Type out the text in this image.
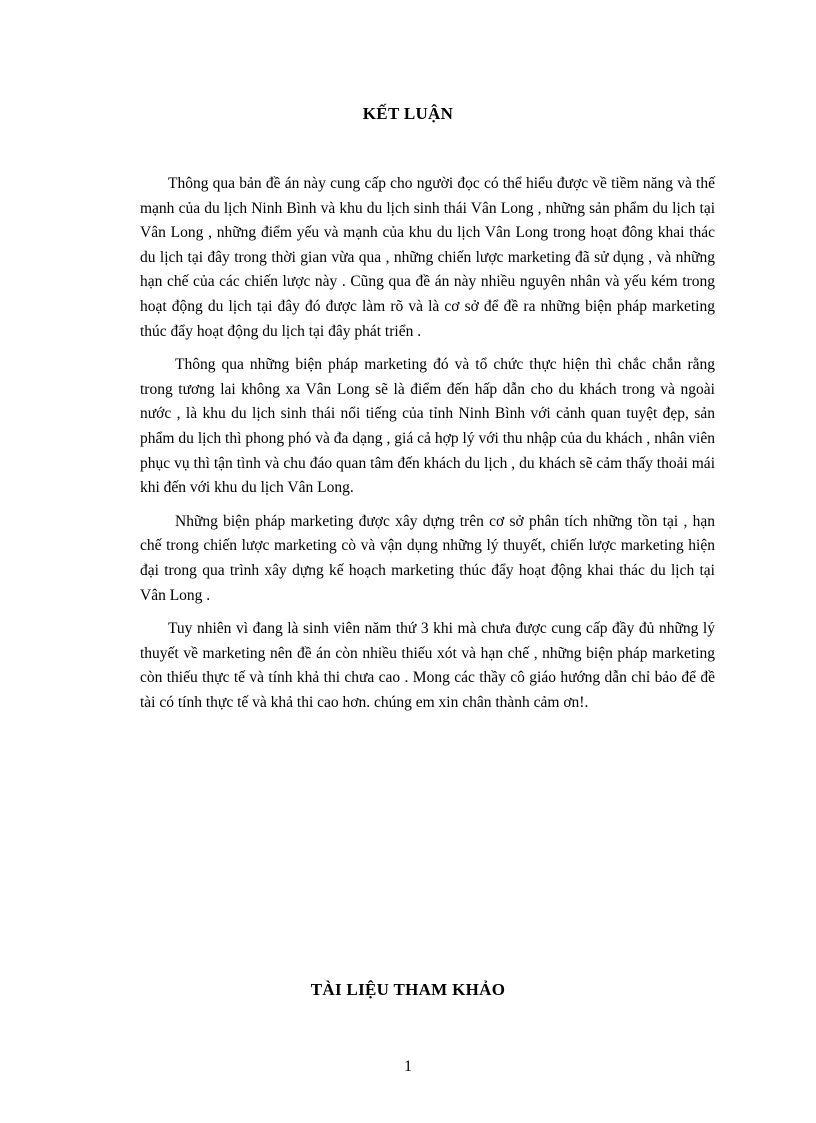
KẾT LUẬN

Thông qua bản đề án này cung cấp cho người đọc có thể hiểu được về tiềm năng và thế mạnh của du lịch Ninh Bình và khu du lịch sinh thái Vân Long , những sản phẩm du lịch tại Vân Long , những điểm yếu và mạnh của khu du lịch Vân Long trong hoạt đông khai thác du lịch tại đây trong thời gian vừa qua , những chiến lược marketing đã sử dụng , và những hạn chế của các chiến lược này . Cũng qua đề án này nhiều nguyên nhân và yếu kém trong hoạt động du lịch tại đây đó được làm rõ và là cơ sở để đề ra những biện pháp marketing thúc đẩy hoạt động du lịch tại đây phát triển .

Thông qua những biện pháp marketing đó và tổ chức thực hiện thì chắc chắn rằng trong tương lai không xa Vân Long sẽ là điểm đến hấp dẫn cho du khách trong và ngoài nước , là khu du lịch sinh thái nổi tiếng của tỉnh Ninh Bình với cảnh quan tuyệt đẹp, sản phẩm du lịch thì phong phó và đa dạng , giá cả hợp lý với thu nhập của du khách , nhân viên phục vụ thì tận tình và chu đáo quan tâm đến khách du lịch , du khách sẽ cảm thấy thoải mái khi đến với khu du lịch Vân Long.

Những biện pháp marketing được xây dựng trên cơ sở phân tích những tồn tại , hạn chế trong chiến lược marketing cò và vận dụng những lý thuyết, chiến lược marketing hiện đại trong qua trình xây dựng kế hoạch marketing thúc đẩy hoạt động khai thác du lịch tại Vân Long .

Tuy nhiên vì đang là sinh viên năm thứ 3 khi mà chưa được cung cấp đầy đủ những lý thuyết về marketing nên đề án còn nhiều thiếu xót và hạn chế , những biện pháp marketing còn thiếu thực tế và tính khả thi chưa cao . Mong các thầy cô giáo hướng dẫn chỉ bảo để đề tài có tính thực tế và khả thi cao hơn. chúng em xin chân thành cảm ơn!.

TÀI LIỆU THAM KHẢO
1
